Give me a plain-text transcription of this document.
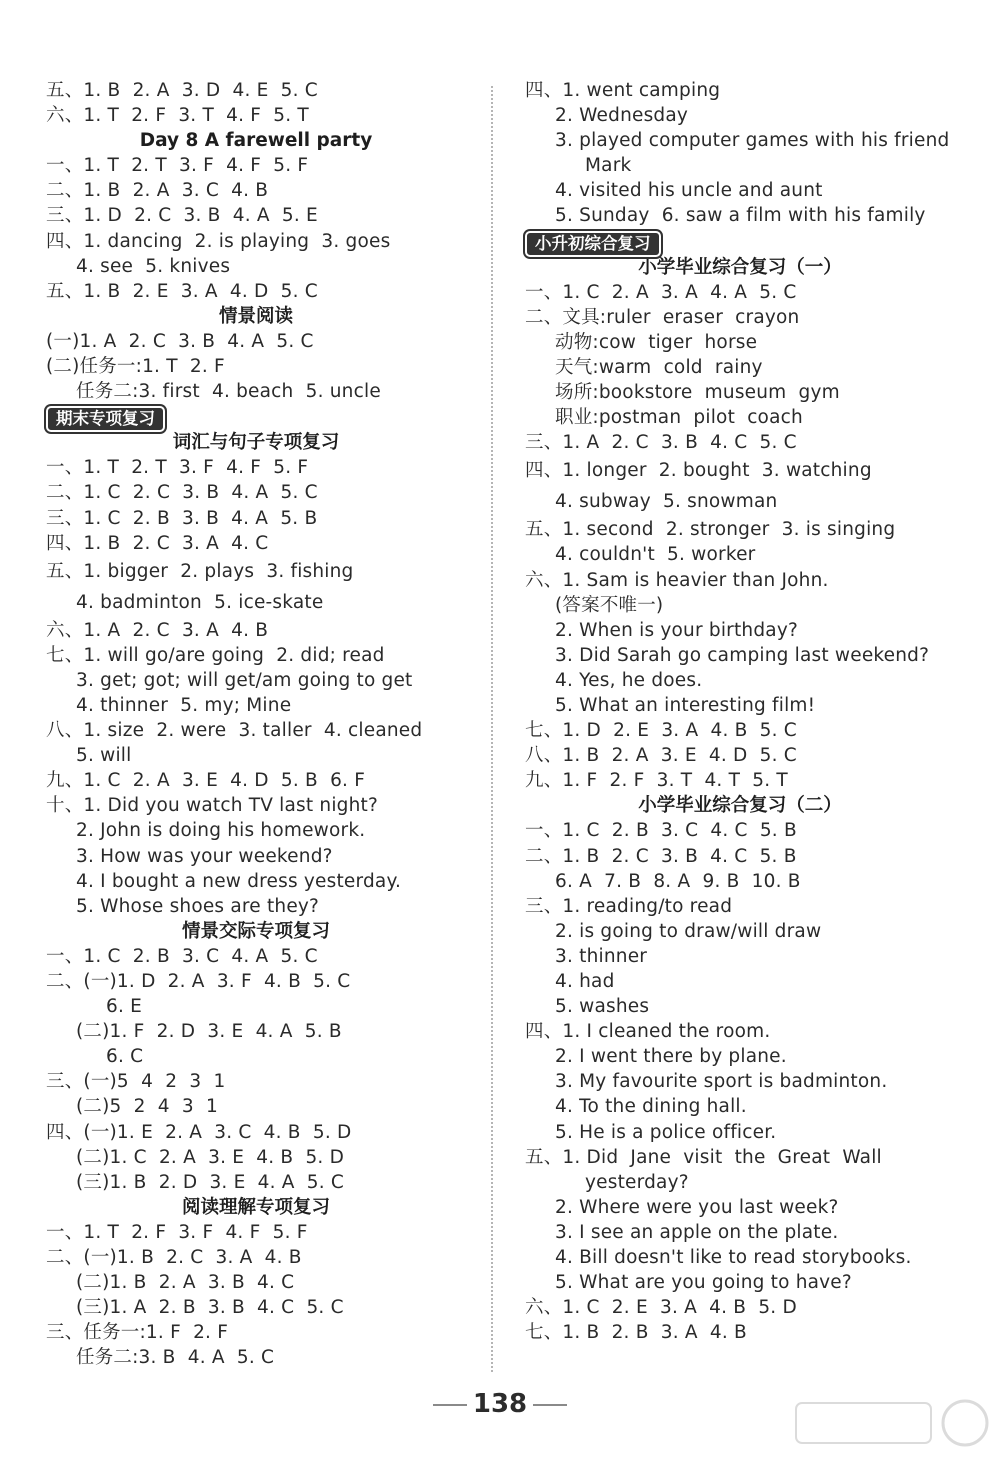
五、1. B  2. A  3. D  4. E  5. C
六、1. T  2. F  3. T  4. F  5. T
Day 8 A farewell party
一、1. T  2. T  3. F  4. F  5. F
二、1. B  2. A  3. C  4. B
三、1. D  2. C  3. B  4. A  5. E
四、1. dancing  2. is playing  3. goes
4. see  5. knives
五、1. B  2. E  3. A  4. D  5. C
情景阅读
(一)1. A  2. C  3. B  4. A  5. C
(二)任务一:1. T  2. F
任务二:3. first  4. beach  5. uncle
期末专项复习
词汇与句子专项复习
一、1. T  2. T  3. F  4. F  5. F
二、1. C  2. C  3. B  4. A  5. C
三、1. C  2. B  3. B  4. A  5. B
四、1. B  2. C  3. A  4. C
五、1. bigger  2. plays  3. fishing
4. badminton  5. ice-skate
六、1. A  2. C  3. A  4. B
七、1. will go/are going  2. did; read
3. get; got; will get/am going to get
4. thinner  5. my; Mine
八、1. size  2. were  3. taller  4. cleaned
5. will
九、1. C  2. A  3. E  4. D  5. B  6. F
十、1. Did you watch TV last night?
2. John is doing his homework.
3. How was your weekend?
4. I bought a new dress yesterday.
5. Whose shoes are they?
情景交际专项复习
一、1. C  2. B  3. C  4. A  5. C
二、(一)1. D  2. A  3. F  4. B  5. C
6. E
(二)1. F  2. D  3. E  4. A  5. B
6. C
三、(一)5  4  2  3  1
(二)5  2  4  3  1
四、(一)1. E  2. A  3. C  4. B  5. D
(二)1. C  2. A  3. E  4. B  5. D
(三)1. B  2. D  3. E  4. A  5. C
阅读理解专项复习
一、1. T  2. F  3. F  4. F  5. F
二、(一)1. B  2. C  3. A  4. B
(二)1. B  2. A  3. B  4. C
(三)1. A  2. B  3. B  4. C  5. C
三、任务一:1. F  2. F
任务二:3. B  4. A  5. C
四、1. went camping
2. Wednesday
3. played computer games with his friend
Mark
4. visited his uncle and aunt
5. Sunday  6. saw a film with his family
小升初综合复习
小学毕业综合复习（一）
一、1. C  2. A  3. A  4. A  5. C
二、文具:ruler  eraser  crayon
动物:cow  tiger  horse
天气:warm  cold  rainy
场所:bookstore  museum  gym
职业:postman  pilot  coach
三、1. A  2. C  3. B  4. C  5. C
四、1. longer  2. bought  3. watching
4. subway  5. snowman
五、1. second  2. stronger  3. is singing
4. couldn't  5. worker
六、1. Sam is heavier than John.
(答案不唯一)
2. When is your birthday?
3. Did Sarah go camping last weekend?
4. Yes, he does.
5. What an interesting film!
七、1. D  2. E  3. A  4. B  5. C
八、1. B  2. A  3. E  4. D  5. C
九、1. F  2. F  3. T  4. T  5. T
小学毕业综合复习（二）
一、1. C  2. B  3. C  4. C  5. B
二、1. B  2. C  3. B  4. C  5. B
6. A  7. B  8. A  9. B  10. B
三、1. reading/to read
2. is going to draw/will draw
3. thinner
4. had
5. washes
四、1. I cleaned the room.
2. I went there by plane.
3. My favourite sport is badminton.
4. To the dining hall.
5. He is a police officer.
五、1. Did  Jane  visit  the  Great  Wall
yesterday?
2. Where were you last week?
3. I see an apple on the plate.
4. Bill doesn't like to read storybooks.
5. What are you going to have?
六、1. C  2. E  3. A  4. B  5. D
七、1. B  2. B  3. A  4. B
138
